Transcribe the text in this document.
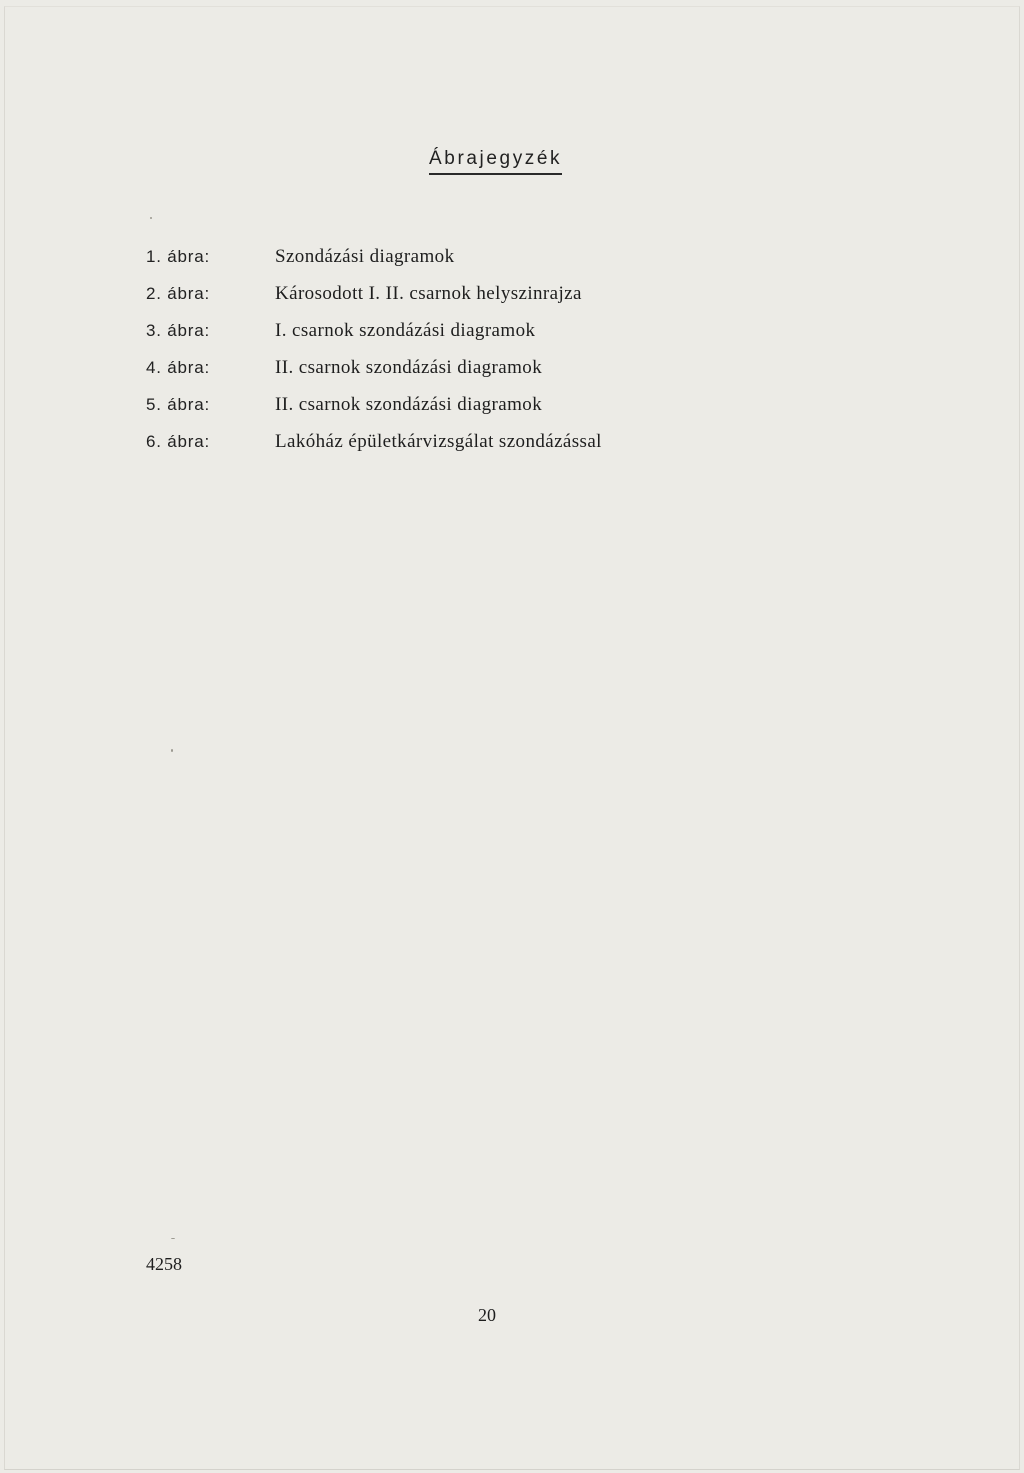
Ábrajegyzék
1. ábra:	Szondázási diagramok
2. ábra:	Károsodott I. II. csarnok helyszinrajza
3. ábra:	I. csarnok szondázási diagramok
4. ábra:	II. csarnok szondázási diagramok
5. ábra:	II. csarnok szondázási diagramok
6. ábra:	Lakóház épületkárvizsgálat szondázással
4258
20
